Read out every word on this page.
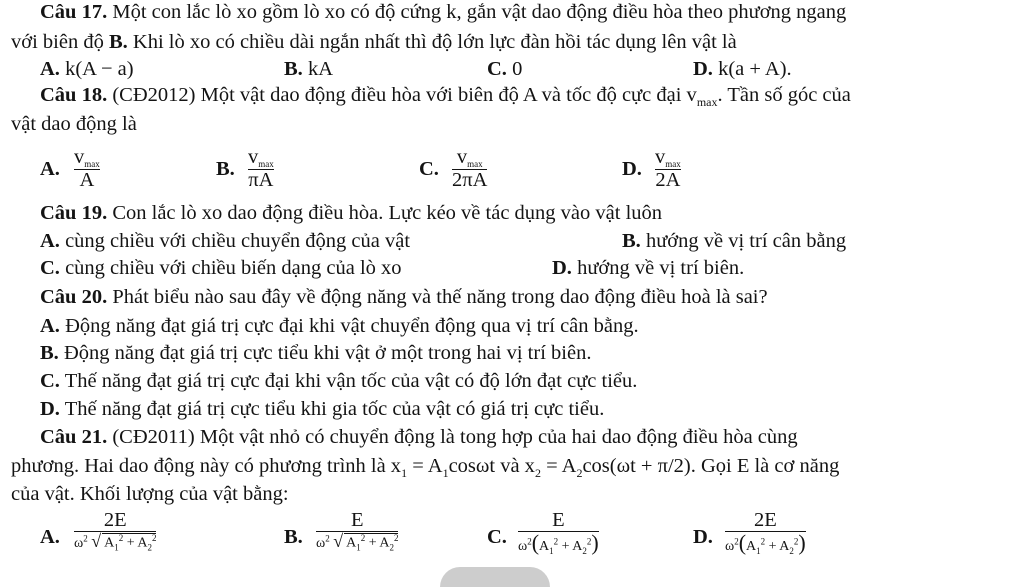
Câu 17. Một con lắc lò xo gồm lò xo có độ cứng k, gắn vật dao động điều hòa theo phương ngang
với biên độ B. Khi lò xo có chiều dài ngắn nhất thì độ lớn lực đàn hồi tác dụng lên vật là
A. k(A − a)	B. kA	C. 0	D. k(a + A).
Câu 18. (CĐ2012) Một vật dao động điều hòa với biên độ A và tốc độ cực đại $v_{max}$. Tần số góc của
vật dao động là
A.
$v_{max}$
A
B.
$v_{max}$
πA
C.
$v_{max}$
2πA
D.
$v_{max}$
2A
Câu 19. Con lắc lò xo dao động điều hòa. Lực kéo về tác dụng vào vật luôn
A. cùng chiều với chiều chuyển động của vật	B. hướng về vị trí cân bằng
C. cùng chiều với chiều biến dạng của lò xo	D. hướng về vị trí biên.
Câu 20. Phát biểu nào sau đây về động năng và thế năng trong dao động điều hoà là sai?
A. Động năng đạt giá trị cực đại khi vật chuyển động qua vị trí cân bằng.
B. Động năng đạt giá trị cực tiểu khi vật ở một trong hai vị trí biên.
C. Thế năng đạt giá trị cực đại khi vận tốc của vật có độ lớn đạt cực tiểu.
D. Thế năng đạt giá trị cực tiểu khi gia tốc của vật có giá trị cực tiểu.
Câu 21. (CĐ2011) Một vật nhỏ có chuyển động là tong hợp của hai dao động điều hòa cùng
phương. Hai dao động này có phương trình là $x_1 = A_1\cos\omega t$ và $x_2 = A_2\cos(\omega t + \pi/2)$. Gọi E là cơ năng
của vật. Khối lượng của vật bằng:
A.
2E
$\omega^2$ √ $A_1^2 + A_2^2$	B.
E
$\omega^2$ √ $A_1^2 + A_2^2$	C.
E
$\omega^2(A_1^2 + A_2^2)$	D.
2E
$\omega^2(A_1^2 + A_2^2)$
